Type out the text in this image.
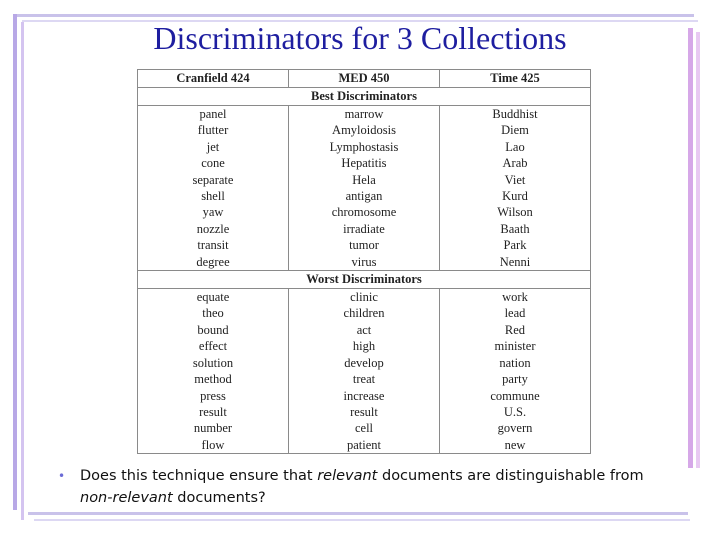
Discriminators for 3 Collections
Cranfield 424	MED 450	Time 425
Best Discriminators		
panel	marrow	Buddhist
flutter	Amyloidosis	Diem
jet	Lymphostasis	Lao
cone	Hepatitis	Arab
separate	Hela	Viet
shell	antigan	Kurd
yaw	chromosome	Wilson
nozzle	irradiate	Baath
transit	tumor	Park
degree	virus	Nenni
Worst Discriminators		
equate	clinic	work
theo	children	lead
bound	act	Red
effect	high	minister
solution	develop	nation
method	treat	party
press	increase	commune
result	result	U.S.
number	cell	govern
flow	patient	new
•	Does this technique ensure that relevant documents are distinguishable from non-relevant documents?
